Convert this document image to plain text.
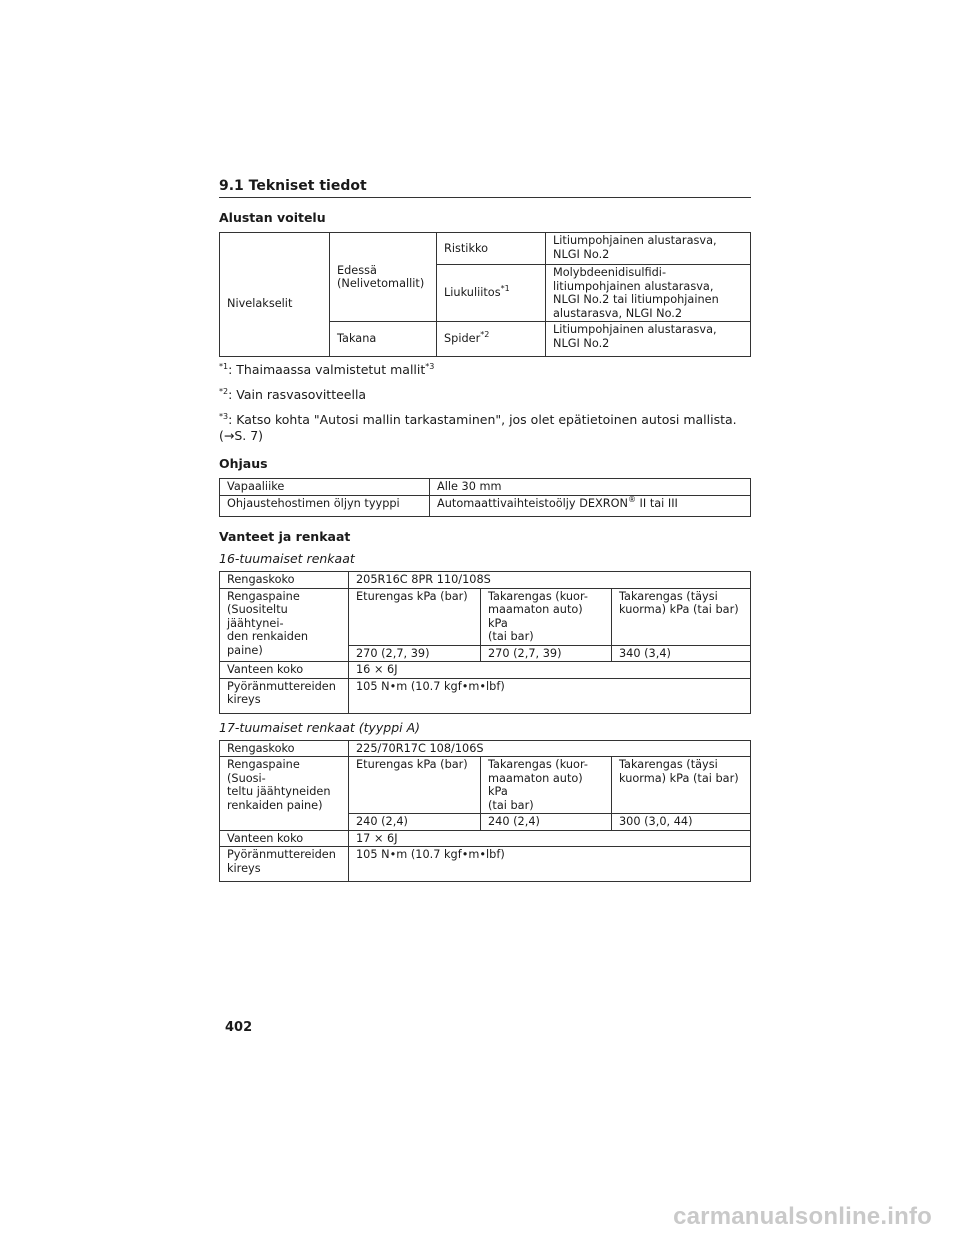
9.1 Tekniset tiedot
Alustan voitelu
Nivelakselit	Edessä
(Nelivetomallit)	Ristikko	Litiumpohjainen alustarasva,
NLGI No.2
		Liukuliitos$^{*1}$	Molybdeenidisulfidi-
litiumpohjainen alustarasva,
NLGI No.2 tai litiumpohjainen
alustarasva, NLGI No.2
	Takana	Spider$^{*2}$	Litiumpohjainen alustarasva,
NLGI No.2
$^{*1}$: Thaimaassa valmistetut mallit$^{*3}$
$^{*2}$: Vain rasvasovitteella
$^{*3}$: Katso kohta "Autosi mallin tarkastaminen", jos olet epätietoinen autosi mallista.
(→S. 7)
Ohjaus
Vapaaliike	Alle 30 mm
Ohjaustehostimen öljyn tyyppi	Automaattivaihteistoöljy DEXRON® II tai III
Vanteet ja renkaat
16-tuumaiset renkaat
Rengaskoko	205R16C 8PR 110/108S		
Rengaspaine
(Suositeltu jäähtynei-
den renkaiden paine)	Eturengas kPa (bar)	Takarengas (kuor-
maamaton auto) kPa
(tai bar)	Takarengas (täysi
kuorma) kPa (tai bar)
	270 (2,7, 39)	270 (2,7, 39)	340 (3,4)
Vanteen koko	16 × 6J		
Pyöränmuttereiden
kireys	105 N•m (10.7 kgf•m•lbf)		
17-tuumaiset renkaat (tyyppi A)
Rengaskoko	225/70R17C 108/106S		
Rengaspaine (Suosi-
teltu jäähtyneiden
renkaiden paine)	Eturengas kPa (bar)	Takarengas (kuor-
maamaton auto) kPa
(tai bar)	Takarengas (täysi
kuorma) kPa (tai bar)
	240 (2,4)	240 (2,4)	300 (3,0, 44)
Vanteen koko	17 × 6J		
Pyöränmuttereiden
kireys	105 N•m (10.7 kgf•m•lbf)		
402
carmanualsonline.info
